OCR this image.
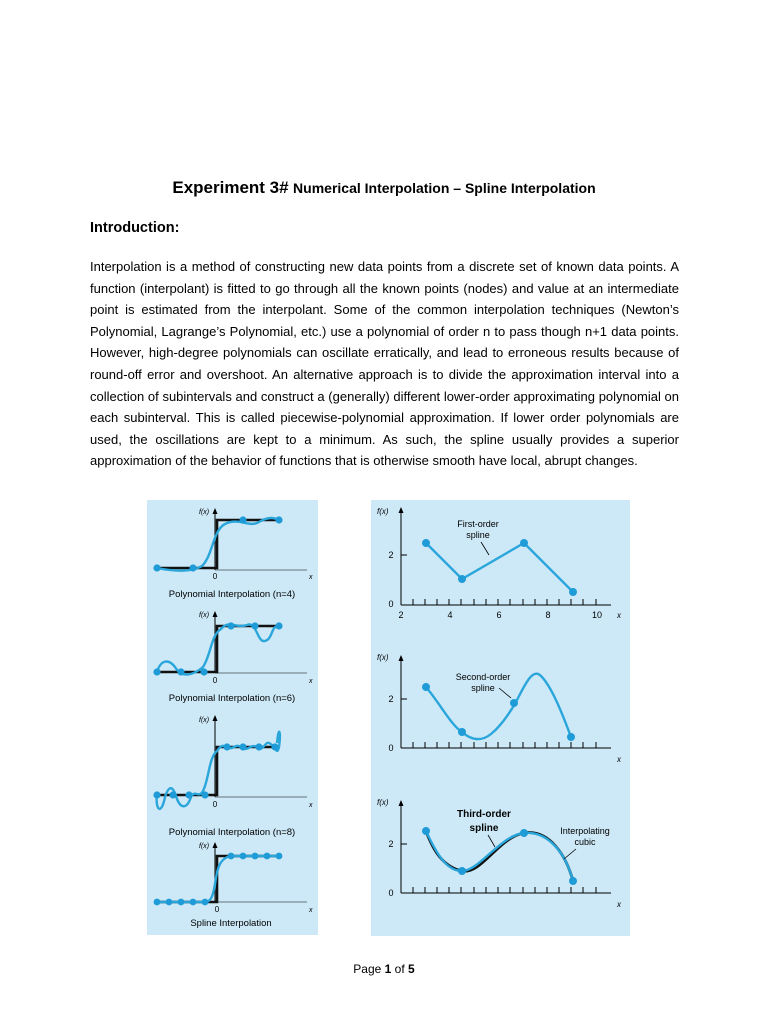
Experiment 3# Numerical Interpolation – Spline Interpolation
Introduction:
Interpolation is a method of constructing new data points from a discrete set of known data points. A function (interpolant) is fitted to go through all the known points (nodes) and value at an intermediate point is estimated from the interpolant. Some of the common interpolation techniques (Newton’s Polynomial, Lagrange’s Polynomial, etc.) use a polynomial of order n to pass though n+1 data points. However, high-degree polynomials can oscillate erratically, and lead to erroneous results because of round-off error and overshoot. An alternative approach is to divide the approximation interval into a collection of subintervals and construct a (generally) different lower-order approximating polynomial on each subinterval. This is called piecewise-polynomial approximation. If lower order polynomials are used, the oscillations are kept to a minimum. As such, the spline usually provides a superior approximation of the behavior of functions that is otherwise smooth have local, abrupt changes.
f(x)
0	x
Polynomial Interpolation (n=4)
f(x)
0	x
Polynomial Interpolation (n=6)
f(x)
0	x
Polynomial Interpolation (n=8)
f(x)
0	x
Spline Interpolation
f(x)
2
0
2	4	6	8	10 x
First-order
spline
f(x)
2
0
x
Second-order
spline
f(x)
2
0
x
Third-order
spline	Interpolating
cubic
Page 1 of 5
